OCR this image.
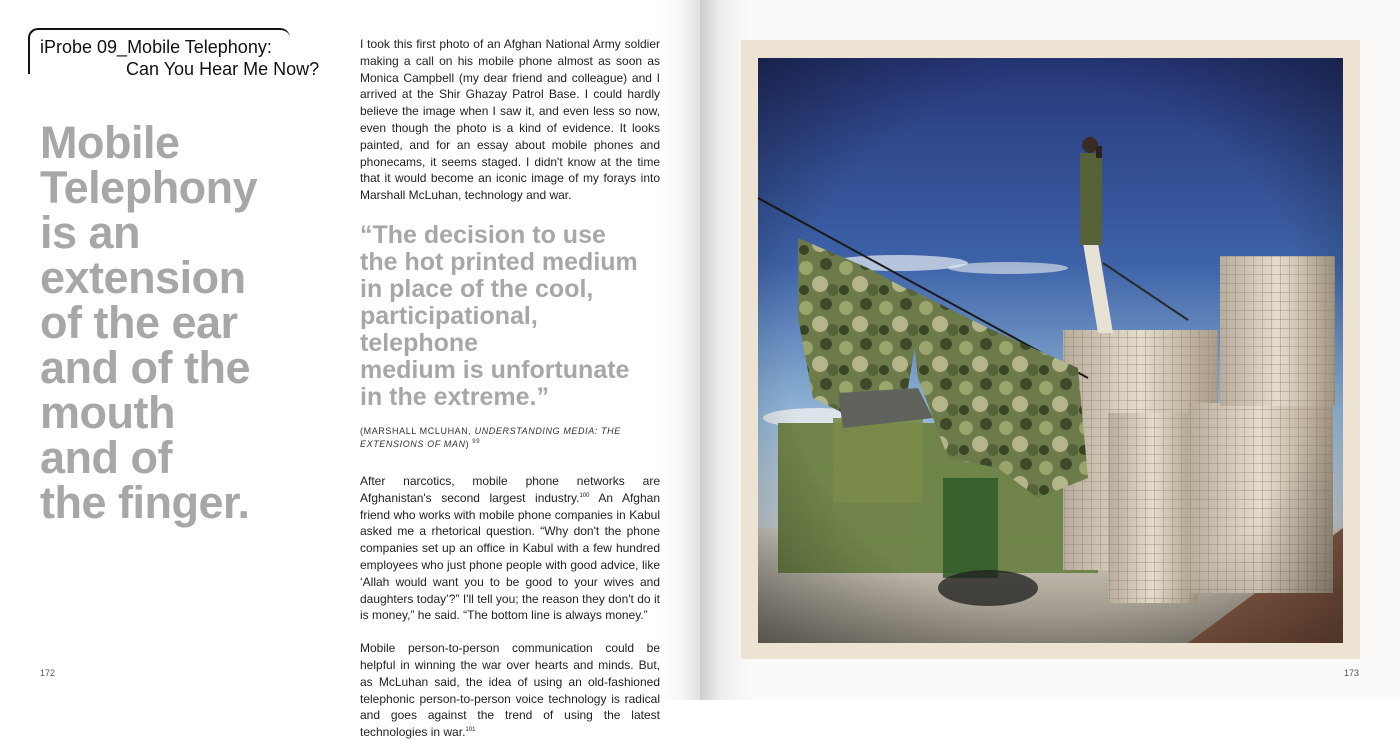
iProbe 09_Mobile Telephony:
Can You Hear Me Now?
Mobile
Telephony
is an
extension
of the ear
and of the
mouth
and of
the finger.

I took this first photo of an Afghan National Army soldier making a call on his mobile phone almost as soon as Monica Campbell (my dear friend and colleague) and I arrived at the Shir Ghazay Patrol Base. I could hardly believe the image when I saw it, and even less so now, even though the photo is a kind of evidence. It looks painted, and for an essay about mobile phones and phonecams, it seems staged. I didn't know at the time that it would become an iconic image of my forays into Marshall McLuhan, technology and war.

“The decision to use
the hot printed medium
in place of the cool,
participational, telephone
medium is unfortunate
in the extreme.”
(MARSHALL MCLUHAN, UNDERSTANDING MEDIA: THE EXTENSIONS OF MAN) $^{99}$

After narcotics, mobile phone networks are Afghanistan's second largest industry.$^{100}$ An Afghan friend who works with mobile phone companies in Kabul asked me a rhetorical question. “Why don't the phone companies set up an office in Kabul with a few hundred employees who just phone people with good advice, like ‘Allah would want you to be good to your wives and daughters today’?” I'll tell you; the reason they don't do it is money,” he said. “The bottom line is always money.”

Mobile person-to-person communication could be helpful in winning the war over hearts and minds. But, as McLuhan said, the idea of using an old-fashioned telephonic person-to-person voice technology is radical and goes against the trend of using the latest technologies in war.$^{101}$

172	173
